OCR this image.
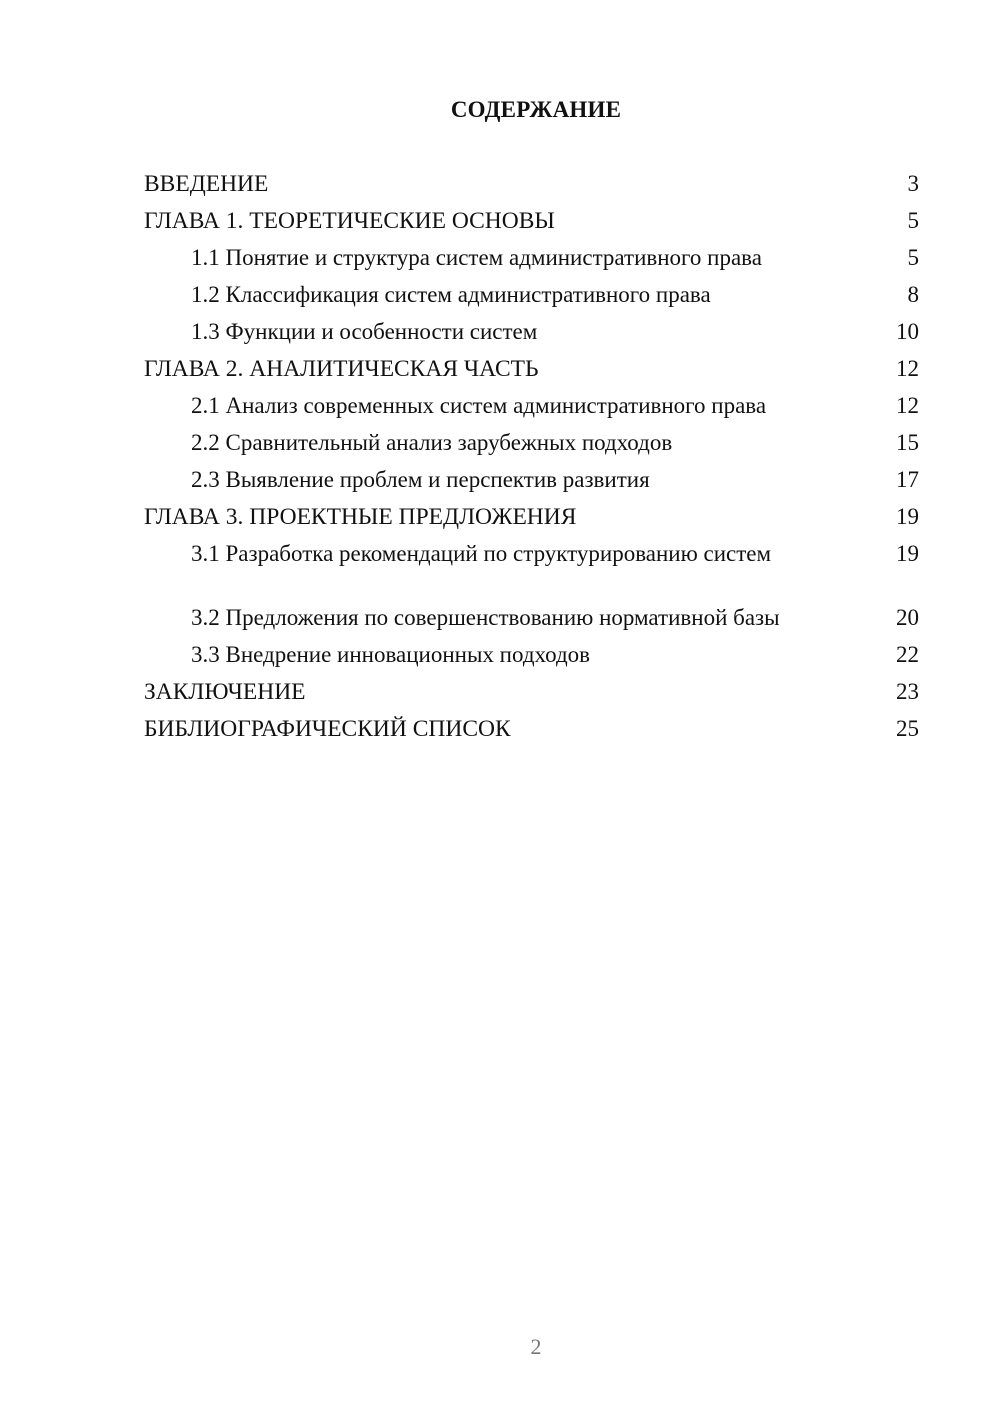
СОДЕРЖАНИЕ
ВВЕДЕНИЕ	3
ГЛАВА 1. ТЕОРЕТИЧЕСКИЕ ОСНОВЫ	5
1.1 Понятие и структура систем административного права	5
1.2 Классификация систем административного права	8
1.3 Функции и особенности систем	10
ГЛАВА 2. АНАЛИТИЧЕСКАЯ ЧАСТЬ	12
2.1 Анализ современных систем административного права	12
2.2 Сравнительный анализ зарубежных подходов	15
2.3 Выявление проблем и перспектив развития	17
ГЛАВА 3. ПРОЕКТНЫЕ ПРЕДЛОЖЕНИЯ	19
3.1 Разработка рекомендаций по структурированию систем	19
3.2 Предложения по совершенствованию нормативной базы	20
3.3 Внедрение инновационных подходов	22
ЗАКЛЮЧЕНИЕ	23
БИБЛИОГРАФИЧЕСКИЙ СПИСОК	25
2
